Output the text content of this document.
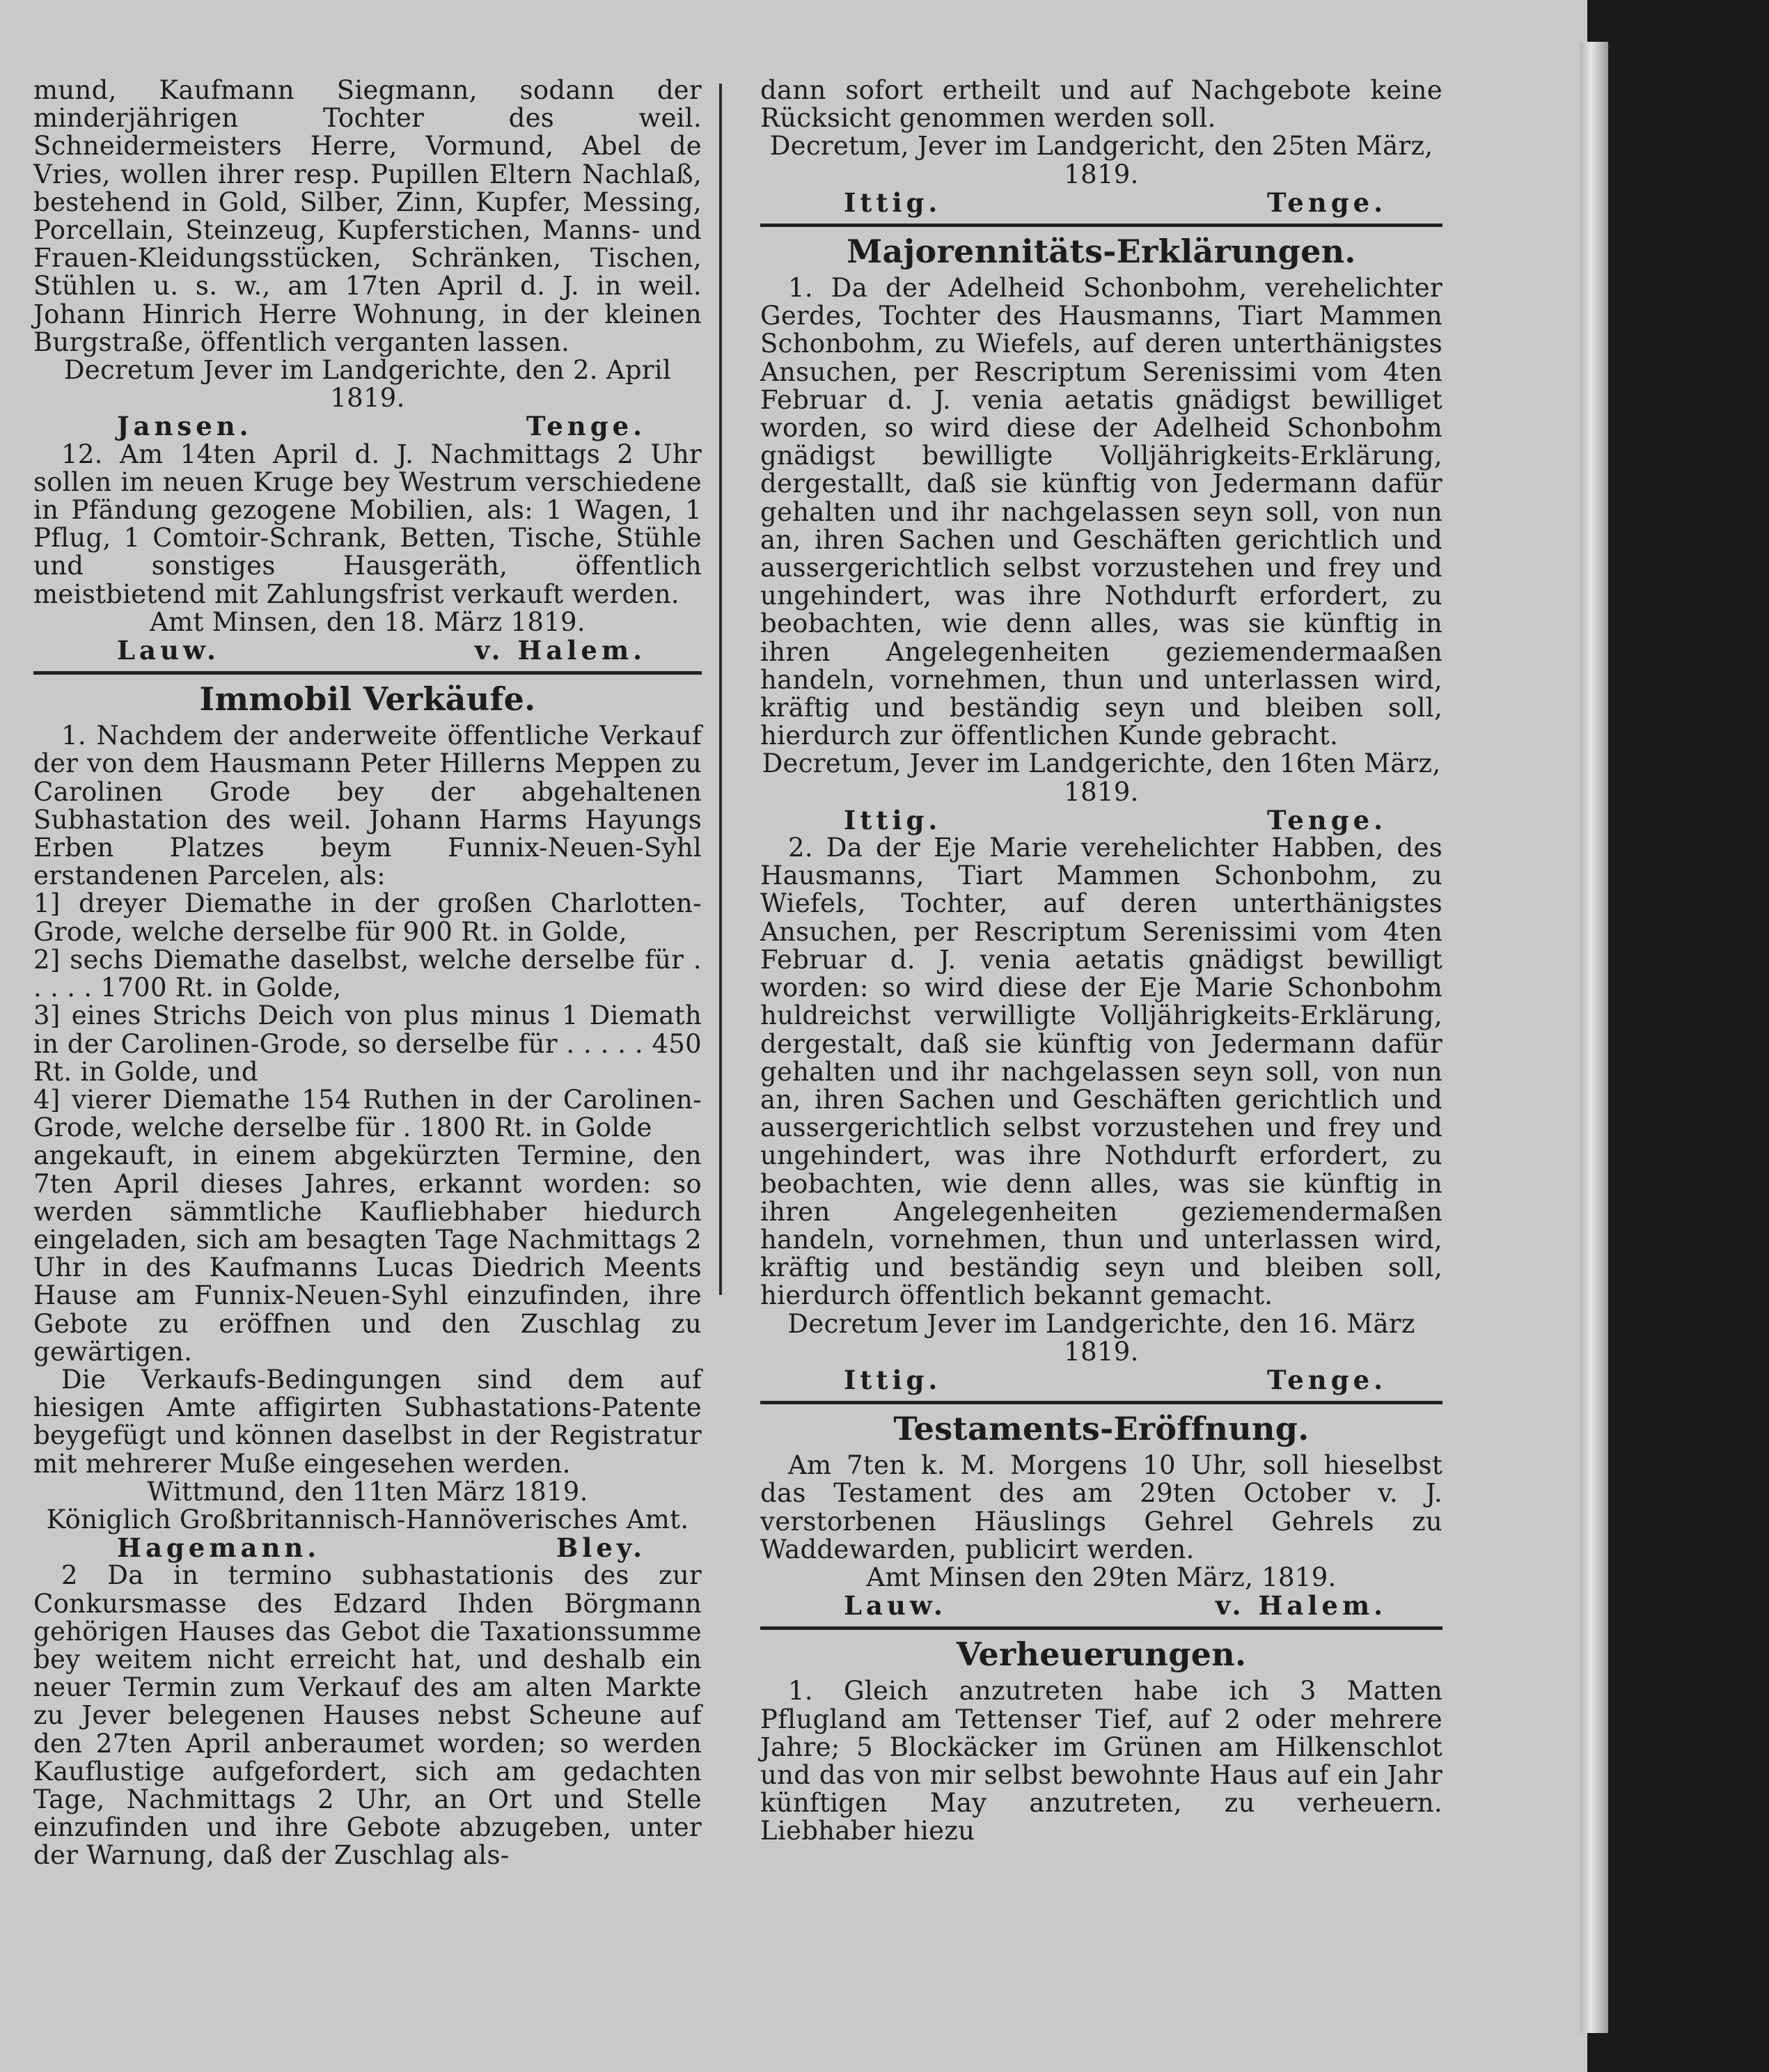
mund, Kaufmann Siegmann, sodann der minderjährigen Tochter des weil. Schneidermeisters Herre, Vormund, Abel de Vries, wollen ihrer resp. Pupillen Eltern Nachlaß, bestehend in Gold, Silber, Zinn, Kupfer, Messing, Porcellain, Steinzeug, Kupferstichen, Manns- und Frauen-Kleidungsstücken, Schränken, Tischen, Stühlen u. s. w., am 17ten April d. J. in weil. Johann Hinrich Herre Wohnung, in der kleinen Burgstraße, öffentlich verganten lassen.

Decretum Jever im Landgerichte, den 2. April 1819.

Jansen.	Tenge.

12. Am 14ten April d. J. Nachmittags 2 Uhr sollen im neuen Kruge bey Westrum verschiedene in Pfändung gezogene Mobilien, als: 1 Wagen, 1 Pflug, 1 Comtoir-Schrank, Betten, Tische, Stühle und sonstiges Hausgeräth, öffentlich meistbietend mit Zahlungsfrist verkauft werden.

Amt Minsen, den 18. März 1819.

Lauw.	v. Halem.
Immobil Verkäufe.

1. Nachdem der anderweite öffentliche Verkauf der von dem Hausmann Peter Hillerns Meppen zu Carolinen Grode bey der abgehaltenen Subhastation des weil. Johann Harms Hayungs Erben Platzes beym Funnix-Neuen-Syhl erstandenen Parcelen, als:

1] dreyer Diemathe in der großen Charlotten-Grode, welche derselbe für 900 Rt. in Golde,

2] sechs Diemathe daselbst, welche derselbe für . . . . . 1700 Rt. in Golde,

3] eines Strichs Deich von plus minus 1 Diemath in der Carolinen-Grode, so derselbe für . . . . . 450 Rt. in Golde, und

4] vierer Diemathe 154 Ruthen in der Carolinen-Grode, welche derselbe für . 1800 Rt. in Golde

angekauft, in einem abgekürzten Termine, den 7ten April dieses Jahres, erkannt worden: so werden sämmtliche Kaufliebhaber hiedurch eingeladen, sich am besagten Tage Nachmittags 2 Uhr in des Kaufmanns Lucas Diedrich Meents Hause am Funnix-Neuen-Syhl einzufinden, ihre Gebote zu eröffnen und den Zuschlag zu gewärtigen.

Die Verkaufs-Bedingungen sind dem auf hiesigen Amte affigirten Subhastations-Patente beygefügt und können daselbst in der Registratur mit mehrerer Muße eingesehen werden.

Wittmund, den 11ten März 1819.

Königlich Großbritannisch-Hannöverisches Amt.

Hagemann.	Bley.

2 Da in termino subhastationis des zur Conkursmasse des Edzard Ihden Börgmann gehörigen Hauses das Gebot die Taxationssumme bey weitem nicht erreicht hat, und deshalb ein neuer Termin zum Verkauf des am alten Markte zu Jever belegenen Hauses nebst Scheune auf den 27ten April anberaumet worden; so werden Kauflustige aufgefordert, sich am gedachten Tage, Nachmittags 2 Uhr, an Ort und Stelle einzufinden und ihre Gebote abzugeben, unter der Warnung, daß der Zuschlag als-

dann sofort ertheilt und auf Nachgebote keine Rücksicht genommen werden soll.

Decretum, Jever im Landgericht, den 25ten März, 1819.

Ittig.	Tenge.
Majorennitäts-Erklärungen.

1. Da der Adelheid Schonbohm, verehelichter Gerdes, Tochter des Hausmanns, Tiart Mammen Schonbohm, zu Wiefels, auf deren unterthänigstes Ansuchen, per Rescriptum Serenissimi vom 4ten Februar d. J. venia aetatis gnädigst bewilliget worden, so wird diese der Adelheid Schonbohm gnädigst bewilligte Volljährigkeits-Erklärung, dergestallt, daß sie künftig von Jedermann dafür gehalten und ihr nachgelassen seyn soll, von nun an, ihren Sachen und Geschäften gerichtlich und aussergerichtlich selbst vorzustehen und frey und ungehindert, was ihre Nothdurft erfordert, zu beobachten, wie denn alles, was sie künftig in ihren Angelegenheiten geziemendermaaßen handeln, vornehmen, thun und unterlassen wird, kräftig und beständig seyn und bleiben soll, hierdurch zur öffentlichen Kunde gebracht.

Decretum, Jever im Landgerichte, den 16ten März, 1819.

Ittig.	Tenge.

2. Da der Eje Marie verehelichter Habben, des Hausmanns, Tiart Mammen Schonbohm, zu Wiefels, Tochter, auf deren unterthänigstes Ansuchen, per Rescriptum Serenissimi vom 4ten Februar d. J. venia aetatis gnädigst bewilligt worden: so wird diese der Eje Marie Schonbohm huldreichst verwilligte Volljährigkeits-Erklärung, dergestalt, daß sie künftig von Jedermann dafür gehalten und ihr nachgelassen seyn soll, von nun an, ihren Sachen und Geschäften gerichtlich und aussergerichtlich selbst vorzustehen und frey und ungehindert, was ihre Nothdurft erfordert, zu beobachten, wie denn alles, was sie künftig in ihren Angelegenheiten geziemendermaßen handeln, vornehmen, thun und unterlassen wird, kräftig und beständig seyn und bleiben soll, hierdurch öffentlich bekannt gemacht.

Decretum Jever im Landgerichte, den 16. März 1819.

Ittig.	Tenge.
Testaments-Eröffnung.

Am 7ten k. M. Morgens 10 Uhr, soll hieselbst das Testament des am 29ten October v. J. verstorbenen Häuslings Gehrel Gehrels zu Waddewarden, publicirt werden.

Amt Minsen den 29ten März, 1819.

Lauw.	v. Halem.
Verheuerungen.

1. Gleich anzutreten habe ich 3 Matten Pflugland am Tettenser Tief, auf 2 oder mehrere Jahre; 5 Blockäcker im Grünen am Hilkenschlot und das von mir selbst bewohnte Haus auf ein Jahr künftigen May anzutreten, zu verheuern. Liebhaber hiezu
